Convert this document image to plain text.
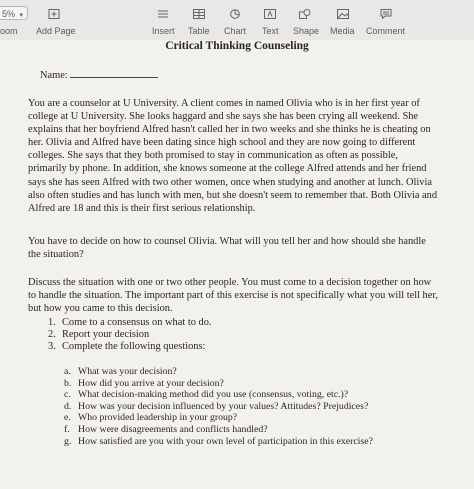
5% ▾
oom Add Page	Insert Table Chart Text Shape Media Comment
Critical Thinking Counseling
Name:
You are a counselor at U University. A client comes in named Olivia who is in her first year of college at U University. She looks haggard and she says she has been crying all weekend. She explains that her boyfriend Alfred hasn't called her in two weeks and she thinks he is cheating on her. Olivia and Alfred have been dating since high school and they are now going to different colleges. She says that they both promised to stay in communication as often as possible, primarily by phone. In addition, she knows someone at the college Alfred attends and her friend says she has seen Alfred with two other women, once when studying and another at lunch. Olivia also often studies and has lunch with men, but she doesn't seem to remember that. Both Olivia and Alfred are 18 and this is their first serious relationship.
You have to decide on how to counsel Olivia. What will you tell her and how should she handle the situation?
Discuss the situation with one or two other people. You must come to a decision together on how to handle the situation. The important part of this exercise is not specifically what you will tell her, but how you came to this decision.
1. Come to a consensus on what to do.
2. Report your decision
3. Complete the following questions:
a. What was your decision?
b. How did you arrive at your decision?
c. What decision-making method did you use (consensus, voting, etc.)?
d. How was your decision influenced by your values? Attitudes? Prejudices?
e. Who provided leadership in your group?
f. How were disagreements and conflicts handled?
g. How satisfied are you with your own level of participation in this exercise?
